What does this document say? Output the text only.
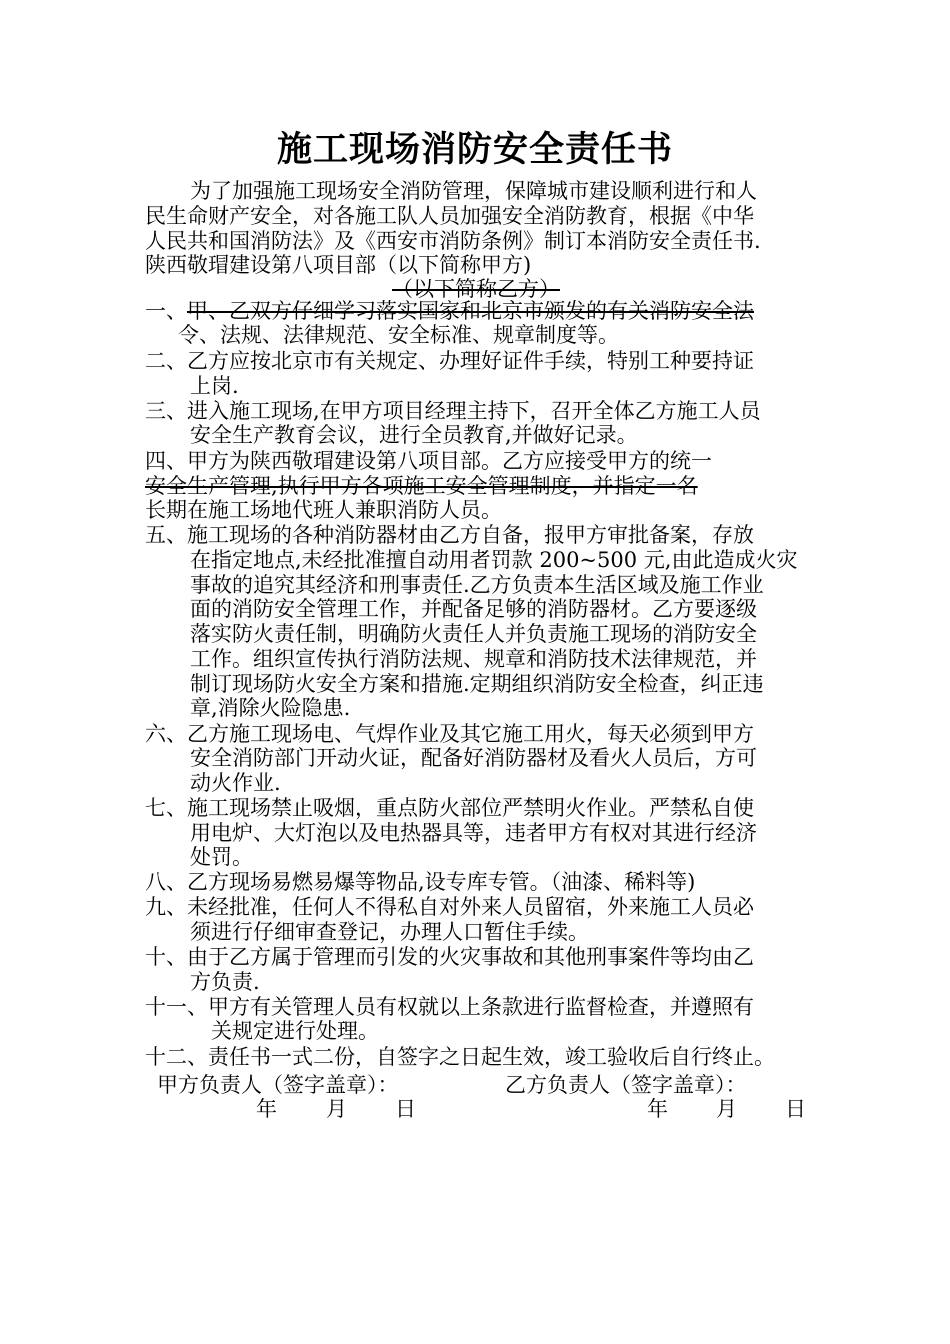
施工现场消防安全责任书
为了加强施工现场安全消防管理，保障城市建设顺利进行和人
民生命财产安全，对各施工队人员加强安全消防教育，根据《中华
人民共和国消防法》及《西安市消防条例》制订本消防安全责任书.
陕西敬瑁建设第八项目部（以下简称甲方)
（以下简称乙方）
一、甲、乙双方仔细学习落实国家和北京市颁发的有关消防安全法
令、法规、法律规范、安全标准、规章制度等。
二、乙方应按北京市有关规定、办理好证件手续，特别工种要持证
上岗.
三、进入施工现场,在甲方项目经理主持下，召开全体乙方施工人员
安全生产教育会议，进行全员教育,并做好记录。
四、甲方为陕西敬瑁建设第八项目部。乙方应接受甲方的统一
安全生产管理,执行甲方各项施工安全管理制度，并指定一名
长期在施工场地代班人兼职消防人员。
五、施工现场的各种消防器材由乙方自备，报甲方审批备案，存放
在指定地点,未经批准擅自动用者罚款 200~500 元,由此造成火灾
事故的追究其经济和刑事责任.乙方负责本生活区域及施工作业
面的消防安全管理工作，并配备足够的消防器材。乙方要逐级
落实防火责任制，明确防火责任人并负责施工现场的消防安全
工作。组织宣传执行消防法规、规章和消防技术法律规范，并
制订现场防火安全方案和措施.定期组织消防安全检查，纠正违
章,消除火险隐患.
六、乙方施工现场电、气焊作业及其它施工用火，每天必须到甲方
安全消防部门开动火证，配备好消防器材及看火人员后，方可
动火作业.
七、施工现场禁止吸烟，重点防火部位严禁明火作业。严禁私自使
用电炉、大灯泡以及电热器具等，违者甲方有权对其进行经济
处罚。
八、乙方现场易燃易爆等物品,设专库专管。（油漆、稀料等)
九、未经批准，任何人不得私自对外来人员留宿，外来施工人员必
须进行仔细审查登记，办理人口暂住手续。
十、由于乙方属于管理而引发的火灾事故和其他刑事案件等均由乙
方负责.
十一、甲方有关管理人员有权就以上条款进行监督检查，并遵照有
关规定进行处理。
十二、责任书一式二份，自签字之日起生效，竣工验收后自行终止。
甲方负责人（签字盖章）：	乙方负责人（签字盖章）：
年 月 日	年 月 日
